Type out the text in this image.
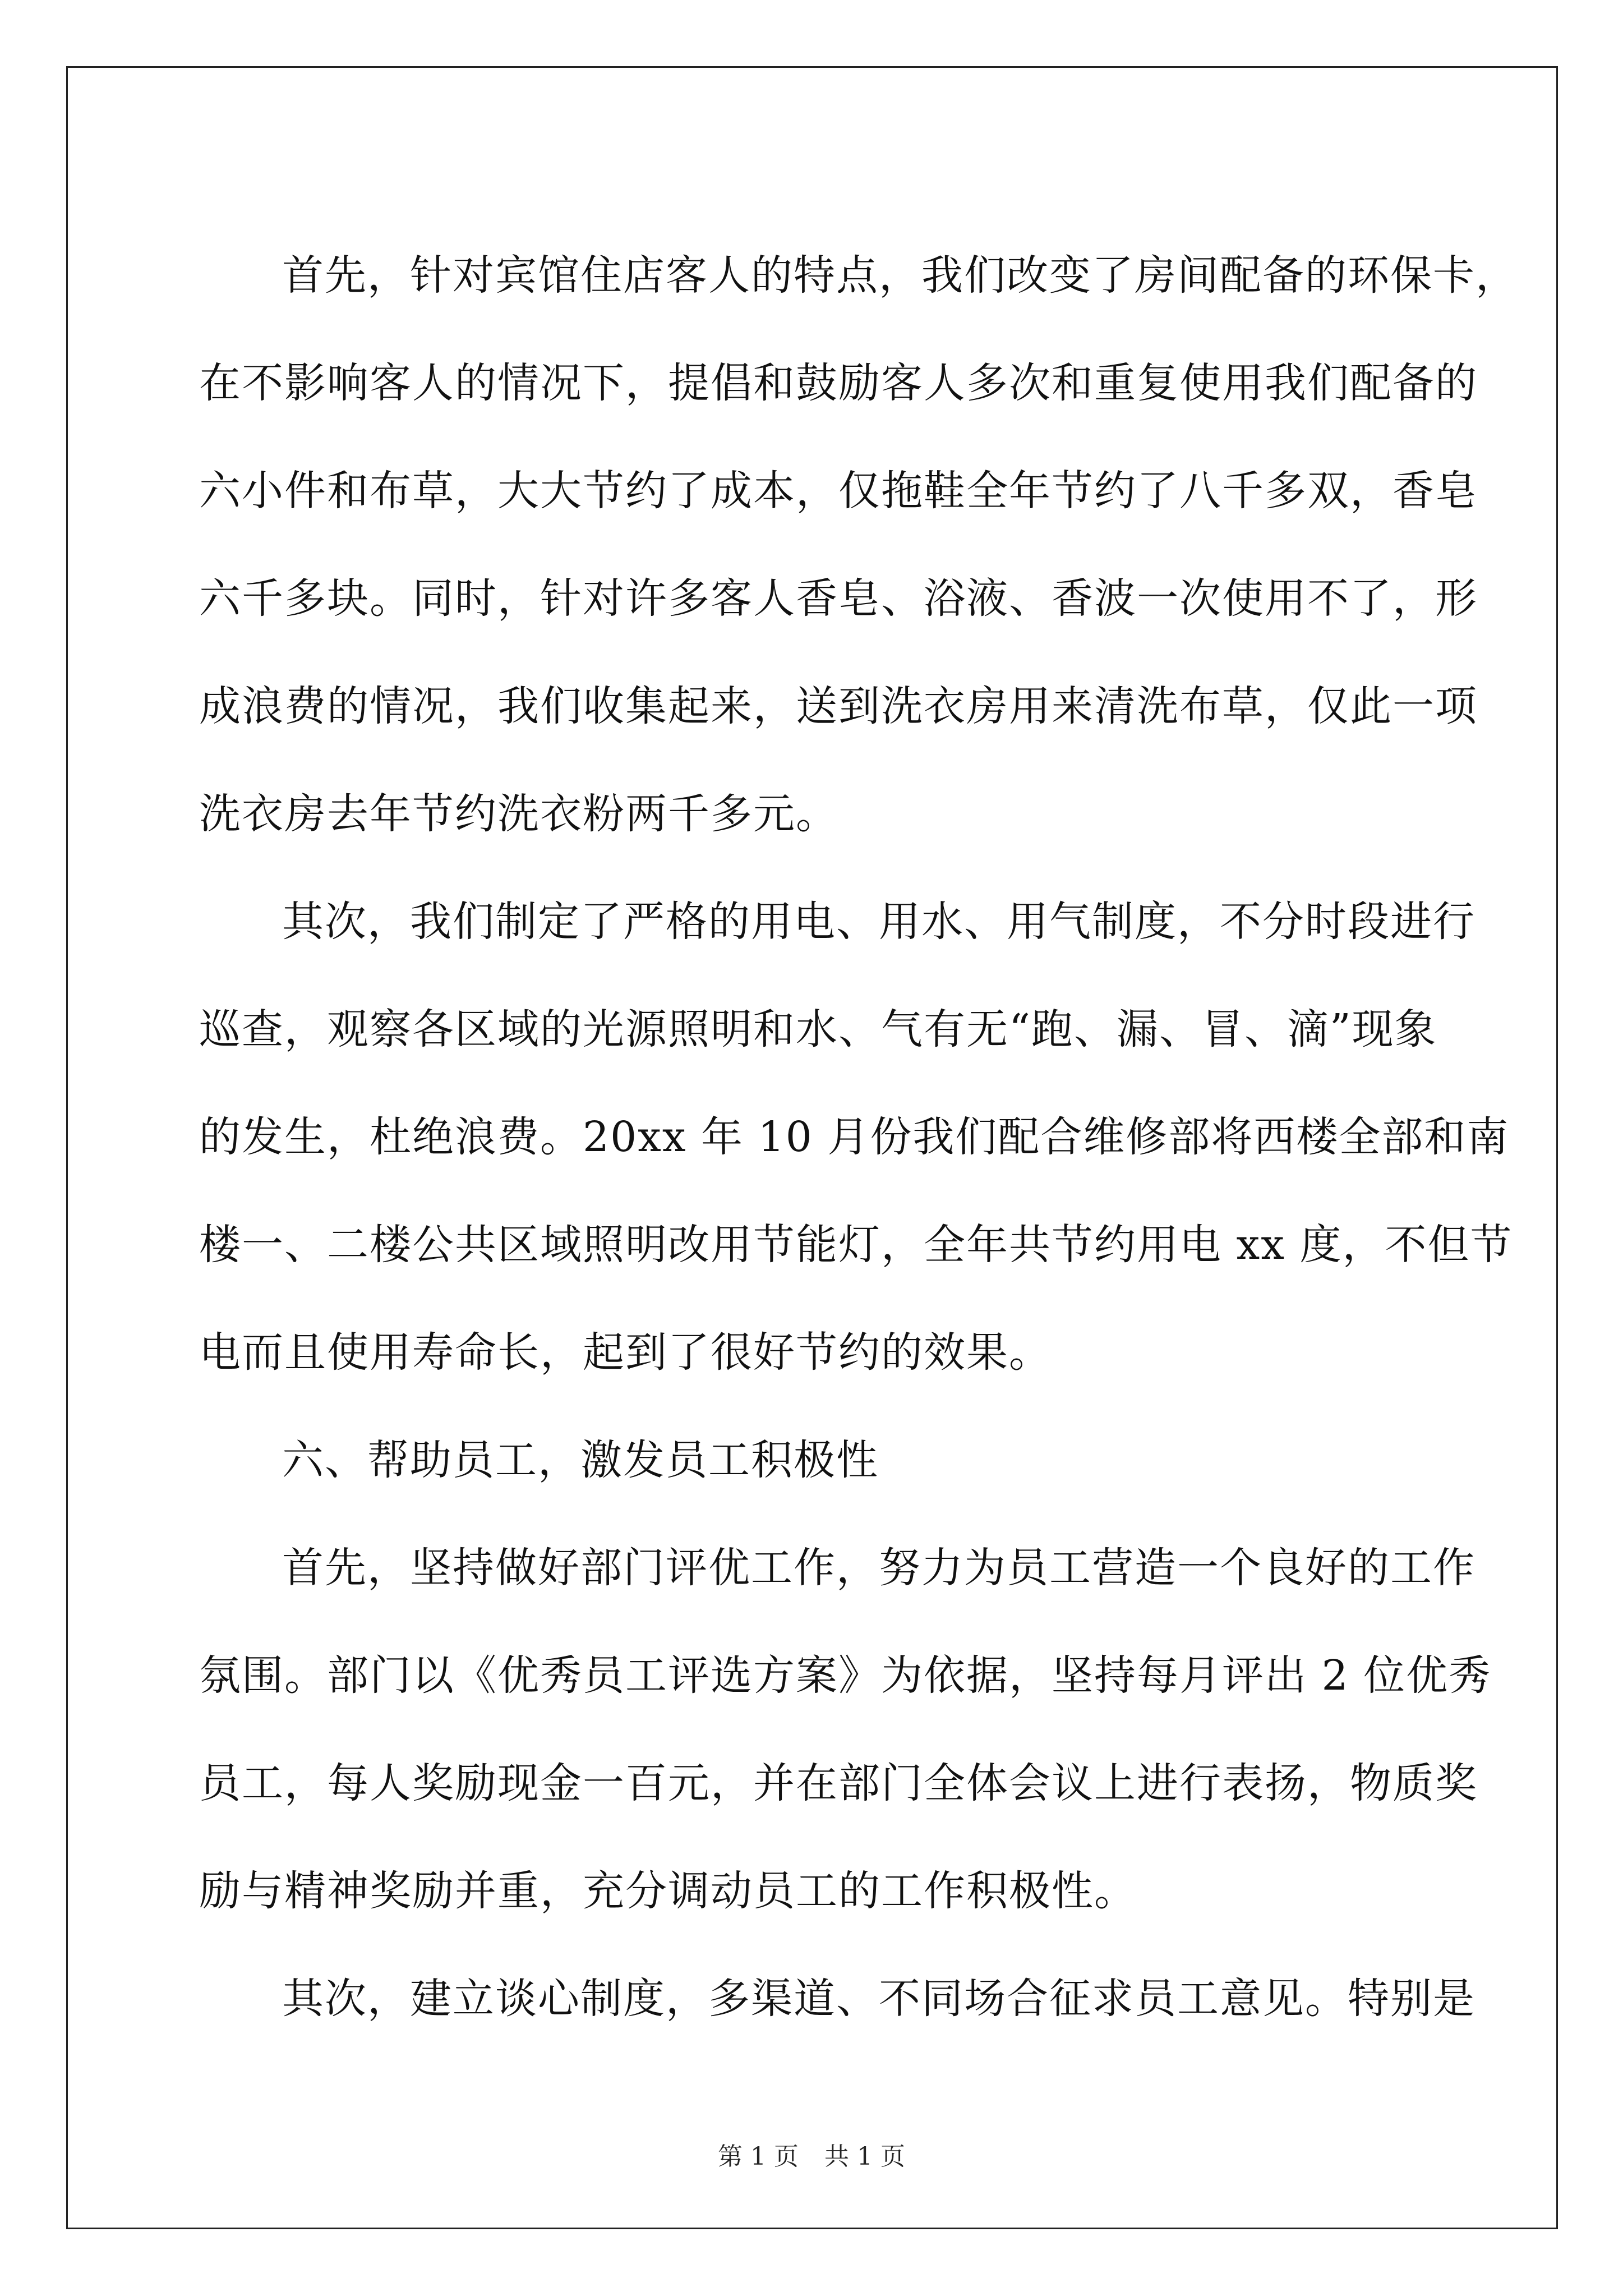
首先，针对宾馆住店客人的特点，我们改变了房间配备的环保卡，
在不影响客人的情况下，提倡和鼓励客人多次和重复使用我们配备的
六小件和布草，大大节约了成本，仅拖鞋全年节约了八千多双，香皂
六千多块。同时，针对许多客人香皂、浴液、香波一次使用不了，形
成浪费的情况，我们收集起来，送到洗衣房用来清洗布草，仅此一项
洗衣房去年节约洗衣粉两千多元。
其次，我们制定了严格的用电、用水、用气制度，不分时段进行
巡查，观察各区域的光源照明和水、气有无“跑、漏、冒、滴”现象
的发生，杜绝浪费。20xx 年 10 月份我们配合维修部将西楼全部和南
楼一、二楼公共区域照明改用节能灯，全年共节约用电 xx 度，不但节
电而且使用寿命长，起到了很好节约的效果。
六、帮助员工，激发员工积极性
首先，坚持做好部门评优工作，努力为员工营造一个良好的工作
氛围。部门以《优秀员工评选方案》为依据，坚持每月评出 2 位优秀
员工，每人奖励现金一百元，并在部门全体会议上进行表扬，物质奖
励与精神奖励并重，充分调动员工的工作积极性。
其次，建立谈心制度，多渠道、不同场合征求员工意见。特别是
第 1 页 共 1 页
